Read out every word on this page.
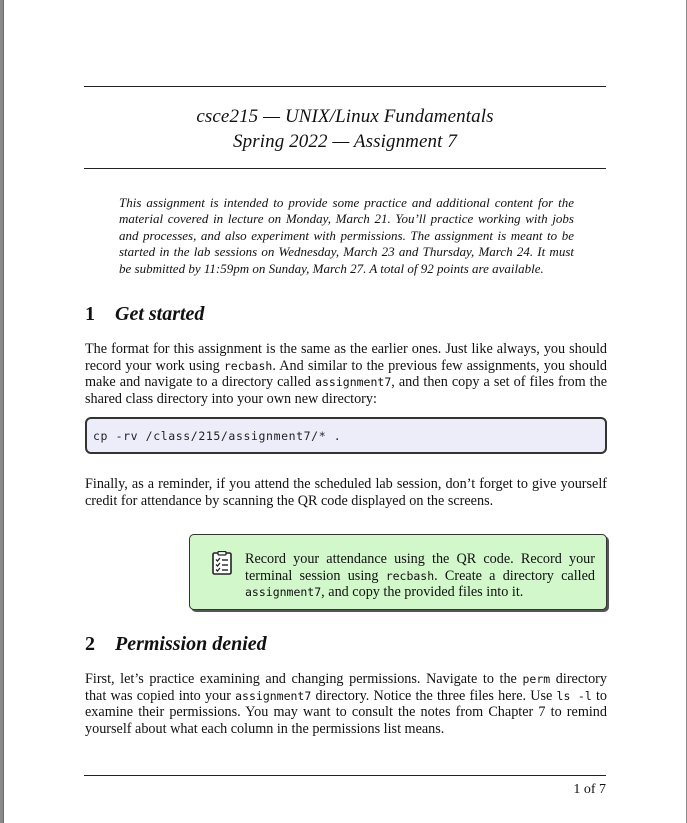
csce215 — UNIX/Linux Fundamentals
Spring 2022 — Assignment 7
This assignment is intended to provide some practice and additional content for the material covered in lecture on Monday, March 21. You’ll practice working with jobs and processes, and also experiment with permissions. The assignment is meant to be started in the lab sessions on Wednesday, March 23 and Thursday, March 24. It must be submitted by 11:59pm on Sunday, March 27. A total of 92 points are available.
1 Get started
The format for this assignment is the same as the earlier ones. Just like always, you should record your work using recbash. And similar to the previous few assignments, you should make and navigate to a directory called assignment7, and then copy a set of files from the shared class directory into your own new directory:
cp -rv /class/215/assignment7/* .
Finally, as a reminder, if you attend the scheduled lab session, don’t forget to give yourself credit for attendance by scanning the QR code displayed on the screens.
Record your attendance using the QR code. Record your terminal session using recbash. Create a directory called assignment7, and copy the provided files into it.
2 Permission denied
First, let’s practice examining and changing permissions. Navigate to the perm directory that was copied into your assignment7 directory. Notice the three files here. Use ls -l to examine their permissions. You may want to consult the notes from Chapter 7 to remind yourself about what each column in the permissions list means.
1 of 7
